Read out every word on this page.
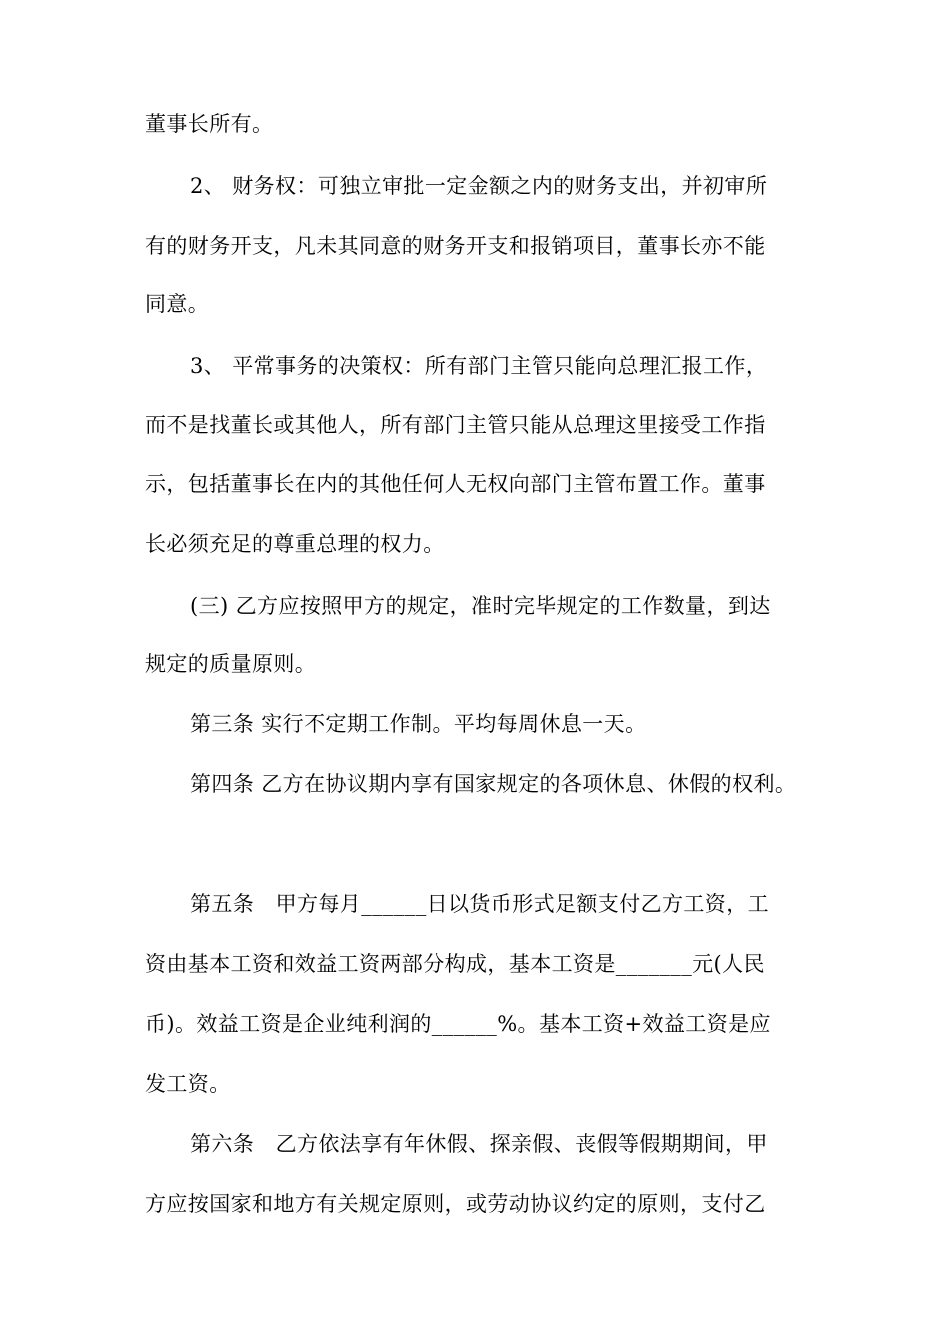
董事长所有。
2、 财务权：可独立审批一定金额之内的财务支出，并初审所
有的财务开支，凡未其同意的财务开支和报销项目，董事长亦不能
同意。
3、 平常事务的决策权：所有部门主管只能向总理汇报工作，
而不是找董长或其他人，所有部门主管只能从总理这里接受工作指
示，包括董事长在内的其他任何人无权向部门主管布置工作。董事
长必须充足的尊重总理的权力。
(三) 乙方应按照甲方的规定，准时完毕规定的工作数量，到达
规定的质量原则。
第三条 实行不定期工作制。平均每周休息一天。
第四条 乙方在协议期内享有国家规定的各项休息、休假的权利。
第五条　甲方每月______日以货币形式足额支付乙方工资，工
资由基本工资和效益工资两部分构成，基本工资是_______元(人民
币)。效益工资是企业纯利润的______%。基本工资+效益工资是应
发工资。
第六条　乙方依法享有年休假、探亲假、丧假等假期期间，甲
方应按国家和地方有关规定原则，或劳动协议约定的原则，支付乙
